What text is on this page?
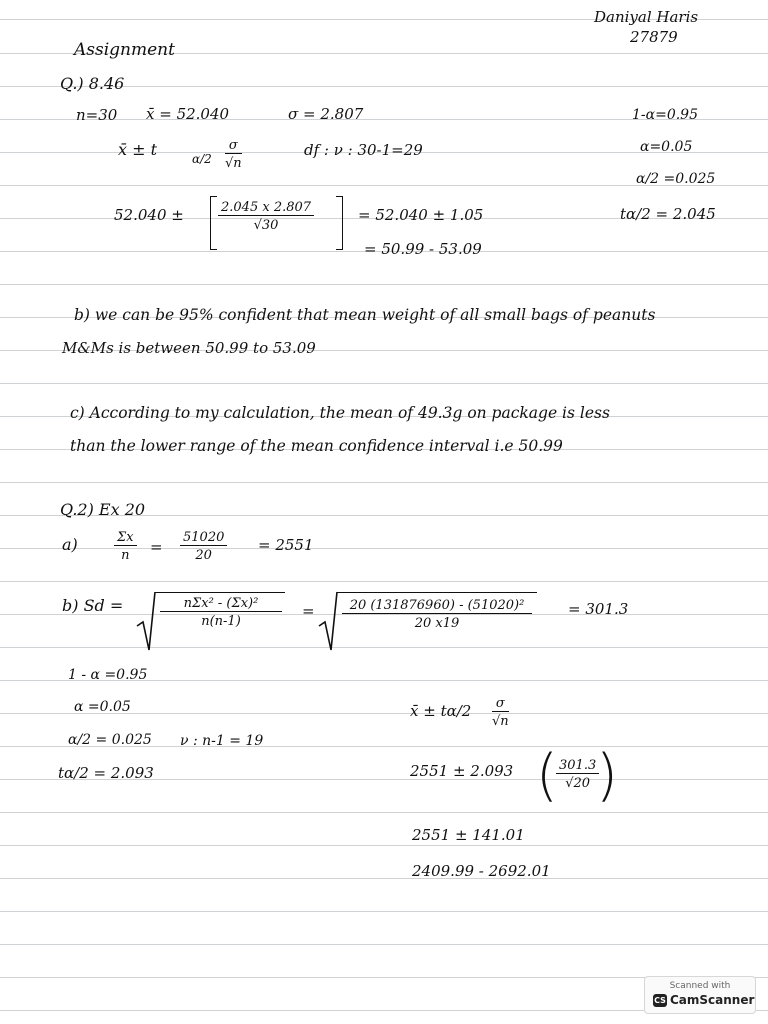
Daniyal Haris
27879
Assignment
Q.) 8.46
n=30 x̄ = 52.040	σ = 2.807	1-α=0.95
x̄ ± t	$\alpha/2 \frac{\sigma}{√n}$	df : ν : 30-1=29	α=0.05
α/2 =0.025
52.040 ±	$\frac{2.045 x 2.807}{√30}$	= 52.040 ± 1.05
= 50.99 - 53.09
tα/2 = 2.045
b) we can be 95% confident that mean weight of all small bags of peanuts
M&Ms is between 50.99 to 53.09
c) According to my calculation, the mean of 49.3g on package is less
than the lower range of the mean confidence interval i.e 50.99
Q.2) Ex 20
a)	$\frac{\Sigma x}{n} = \frac{51020}{20} = 2551$
b) Sd =	nΣx² - (Σx)²
n(n-1)
= $\frac{\text{20 (131876960) - (51020)²}}{20 x19} = 301.3$
1 - α =0.95
α =0.05
α/2 = 0.025 ν : n-1 = 19
tα/2 = 2.093
x̄ ± $t\alpha/2 \frac{\sigma}{√n}$
2551 ± 2.093 (
$\frac{301.3}{√20}$
)
2551 ± 141.01
2409.99 - 2692.01
Scanned with
CS CamScanner
